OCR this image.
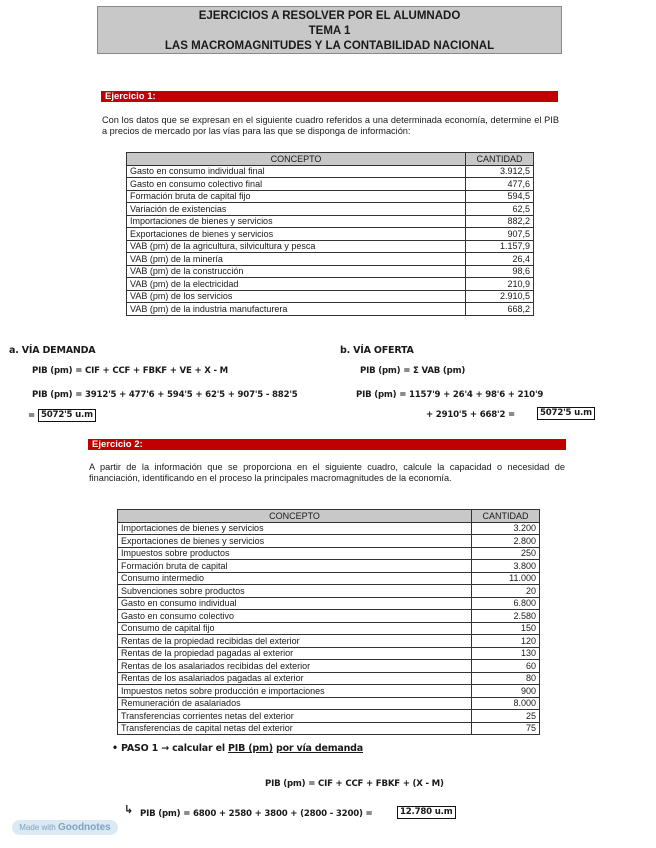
EJERCICIOS A RESOLVER POR EL ALUMNADO
TEMA 1
LAS MACROMAGNITUDES Y LA CONTABILIDAD NACIONAL
Ejercicio 1:
Con los datos que se expresan en el siguiente cuadro referidos a una determinada economía, determine el PIB a precios de mercado por las vías para las que se disponga de información:
CONCEPTO	CANTIDAD
Gasto en consumo individual final	3.912,5
Gasto en consumo colectivo final	477,6
Formación bruta de capital fijo	594,5
Variación de existencias	62,5
Importaciones de bienes y servicios	882,2
Exportaciones de bienes y servicios	907,5
VAB (pm) de la agricultura, silvicultura y pesca	1.157,9
VAB (pm) de la minería	26,4
VAB (pm) de la construcción	98,6
VAB (pm) de la electricidad	210,9
VAB (pm) de los servicios	2.910,5
VAB (pm) de la industria manufacturera	668,2
a. VÍA DEMANDA
PIB (pm) = CIF + CCF + FBKF + VE + X - M
PIB (pm) = 3912'5 + 477'6 + 594'5 + 62'5 + 907'5 - 882'5
= 5072'5 u.m
b. VÍA OFERTA
PIB (pm) = Σ VAB (pm)
PIB (pm) = 1157'9 + 26'4 + 98'6 + 210'9
+ 2910'5 + 668'2 =	5072'5 u.m
Ejercicio 2:
A partir de la información que se proporciona en el siguiente cuadro, calcule la capacidad o necesidad de financiación, identificando en el proceso la principales macromagnitudes de la economía.
CONCEPTO	CANTIDAD
Importaciones de bienes y servicios	3.200
Exportaciones de bienes y servicios	2.800
Impuestos sobre productos	250
Formación bruta de capital	3.800
Consumo intermedio	11.000
Subvenciones sobre productos	20
Gasto en consumo individual	6.800
Gasto en consumo colectivo	2.580
Consumo de capital fijo	150
Rentas de la propiedad recibidas del exterior	120
Rentas de la propiedad pagadas al exterior	130
Rentas de los asalariados recibidas del exterior	60
Rentas de los asalariados pagadas al exterior	80
Impuestos netos sobre producción e importaciones	900
Remuneración de asalariados	8.000
Transferencias corrientes netas del exterior	25
Transferencias de capital netas del exterior	75
• PASO 1 → calcular el PIB (pm) por vía demanda
PIB (pm) = CIF + CCF + FBKF + (X - M)
↳ PIB (pm) = 6800 + 2580 + 3800 + (2800 - 3200) =	12.780 u.m
Made with Goodnotes
